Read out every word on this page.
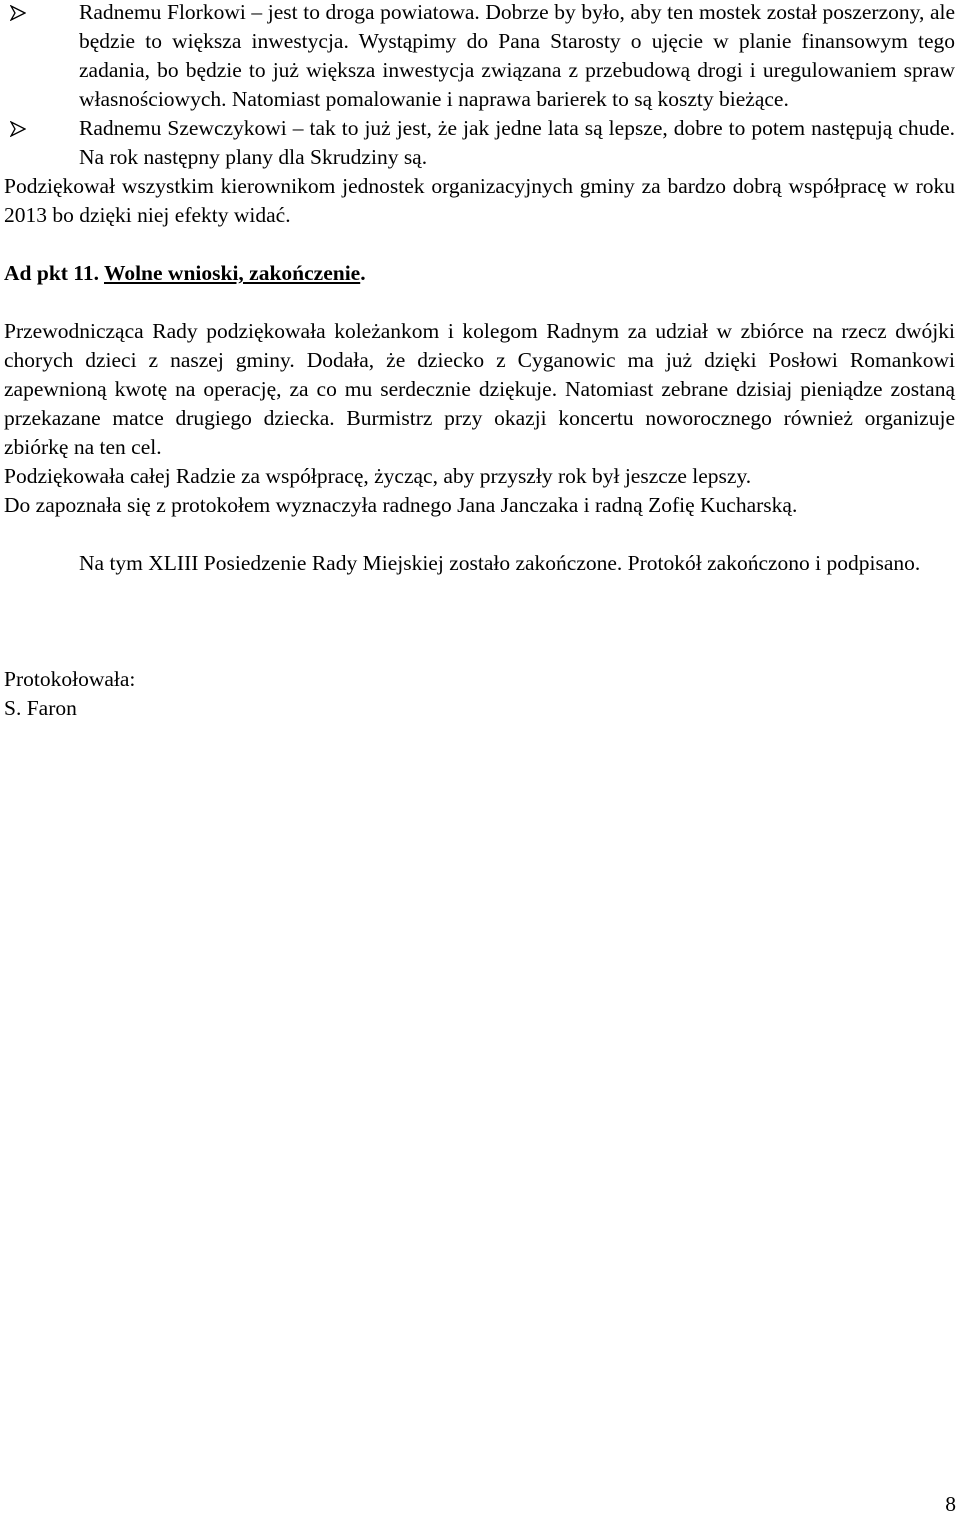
Radnemu Florkowi – jest to droga powiatowa. Dobrze by było, aby ten mostek został poszerzony, ale będzie to większa inwestycja. Wystąpimy do Pana Starosty o ujęcie w planie finansowym tego zadania, bo będzie to już większa inwestycja związana z przebudową drogi i uregulowaniem spraw własnościowych. Natomiast pomalowanie i naprawa barierek to są koszty bieżące.
Radnemu Szewczykowi – tak to już jest, że jak jedne lata są lepsze, dobre to potem następują chude. Na rok następny plany dla Skrudziny są.
Podziękował wszystkim kierownikom jednostek organizacyjnych gminy za bardzo dobrą współpracę w roku 2013 bo dzięki niej efekty widać.
Ad pkt 11. Wolne wnioski, zakończenie.
Przewodnicząca Rady podziękowała koleżankom i kolegom Radnym za udział w zbiórce na rzecz dwójki chorych dzieci z naszej gminy. Dodała, że dziecko z Cyganowic ma już dzięki Posłowi Romankowi zapewnioną kwotę na operację, za co mu serdecznie dziękuje. Natomiast zebrane dzisiaj pieniądze zostaną przekazane matce drugiego dziecka. Burmistrz przy okazji koncertu noworocznego również organizuje zbiórkę na ten cel.
Podziękowała całej Radzie za współpracę, życząc, aby przyszły rok był jeszcze lepszy.
Do zapoznała się z protokołem wyznaczyła radnego Jana Janczaka i radną Zofię Kucharską.
Na tym XLIII Posiedzenie Rady Miejskiej zostało zakończone. Protokół zakończono i podpisano.
Protokołowała:
S. Faron
8
